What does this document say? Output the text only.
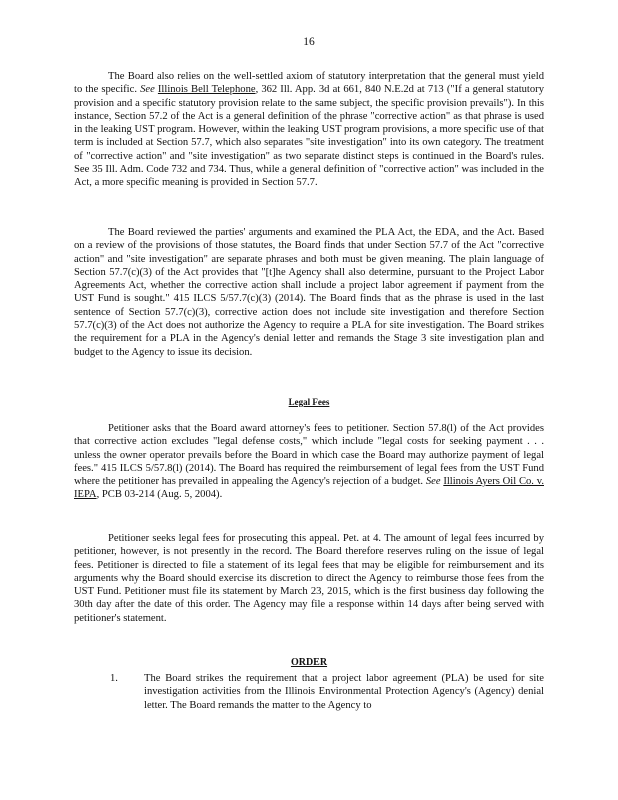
16

The Board also relies on the well-settled axiom of statutory interpretation that the general must yield to the specific. See Illinois Bell Telephone, 362 Ill. App. 3d at 661, 840 N.E.2d at 713 ("If a general statutory provision and a specific statutory provision relate to the same subject, the specific provision prevails"). In this instance, Section 57.2 of the Act is a general definition of the phrase "corrective action" as that phrase is used in the leaking UST program. However, within the leaking UST program provisions, a more specific use of that term is included at Section 57.7, which also separates "site investigation" into its own category. The treatment of "corrective action" and "site investigation" as two separate distinct steps is continued in the Board's rules. See 35 Ill. Adm. Code 732 and 734. Thus, while a general definition of "corrective action" was included in the Act, a more specific meaning is provided in Section 57.7.

The Board reviewed the parties' arguments and examined the PLA Act, the EDA, and the Act. Based on a review of the provisions of those statutes, the Board finds that under Section 57.7 of the Act "corrective action" and "site investigation" are separate phrases and both must be given meaning. The plain language of Section 57.7(c)(3) of the Act provides that "[t]he Agency shall also determine, pursuant to the Project Labor Agreements Act, whether the corrective action shall include a project labor agreement if payment from the UST Fund is sought." 415 ILCS 5/57.7(c)(3) (2014). The Board finds that as the phrase is used in the last sentence of Section 57.7(c)(3), corrective action does not include site investigation and therefore Section 57.7(c)(3) of the Act does not authorize the Agency to require a PLA for site investigation. The Board strikes the requirement for a PLA in the Agency's denial letter and remands the Stage 3 site investigation plan and budget to the Agency to issue its decision.

Legal Fees

Petitioner asks that the Board award attorney's fees to petitioner. Section 57.8(l) of the Act provides that corrective action excludes "legal defense costs," which include "legal costs for seeking payment . . . unless the owner operator prevails before the Board in which case the Board may authorize payment of legal fees." 415 ILCS 5/57.8(l) (2014). The Board has required the reimbursement of legal fees from the UST Fund where the petitioner has prevailed in appealing the Agency's rejection of a budget. See Illinois Ayers Oil Co. v. IEPA, PCB 03-214 (Aug. 5, 2004).

Petitioner seeks legal fees for prosecuting this appeal. Pet. at 4. The amount of legal fees incurred by petitioner, however, is not presently in the record. The Board therefore reserves ruling on the issue of legal fees. Petitioner is directed to file a statement of its legal fees that may be eligible for reimbursement and its arguments why the Board should exercise its discretion to direct the Agency to reimburse those fees from the UST Fund. Petitioner must file its statement by March 23, 2015, which is the first business day following the 30th day after the date of this order. The Agency may file a response within 14 days after being served with petitioner's statement.

ORDER
1. The Board strikes the requirement that a project labor agreement (PLA) be used for site investigation activities from the Illinois Environmental Protection Agency's (Agency) denial letter. The Board remands the matter to the Agency to
